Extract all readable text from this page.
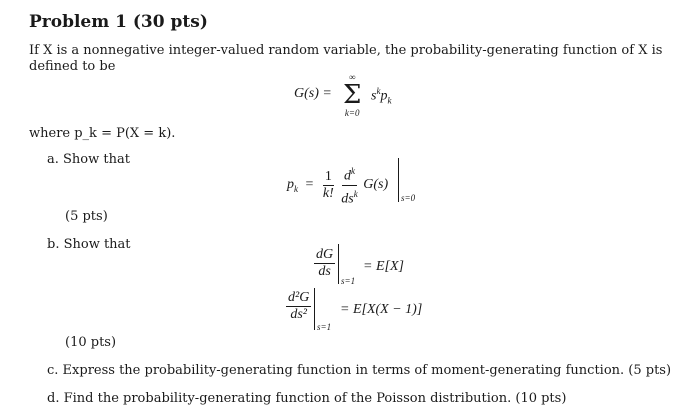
Problem 1 (30 pts)
If X is a nonnegative integer-valued random variable, the probability-generating function of X is
defined to be
G(s) =
∞
Σ
k=0
$s^kp_k$
where p_k = P(X = k).
a. Show that
$p_k = \frac{1}{k!}$
$\frac{d^k}{ds^k} G(s)$
s=0
(5 pts)
b. Show that
$\frac{dG}{ds}$
s=1
= E[X]
$\frac{\text{d²G}}{\text{ds²}}$
s=1
= E[X(X − 1)]
(10 pts)
c. Express the probability-generating function in terms of moment-generating function. (5 pts)
d. Find the probability-generating function of the Poisson distribution. (10 pts)
